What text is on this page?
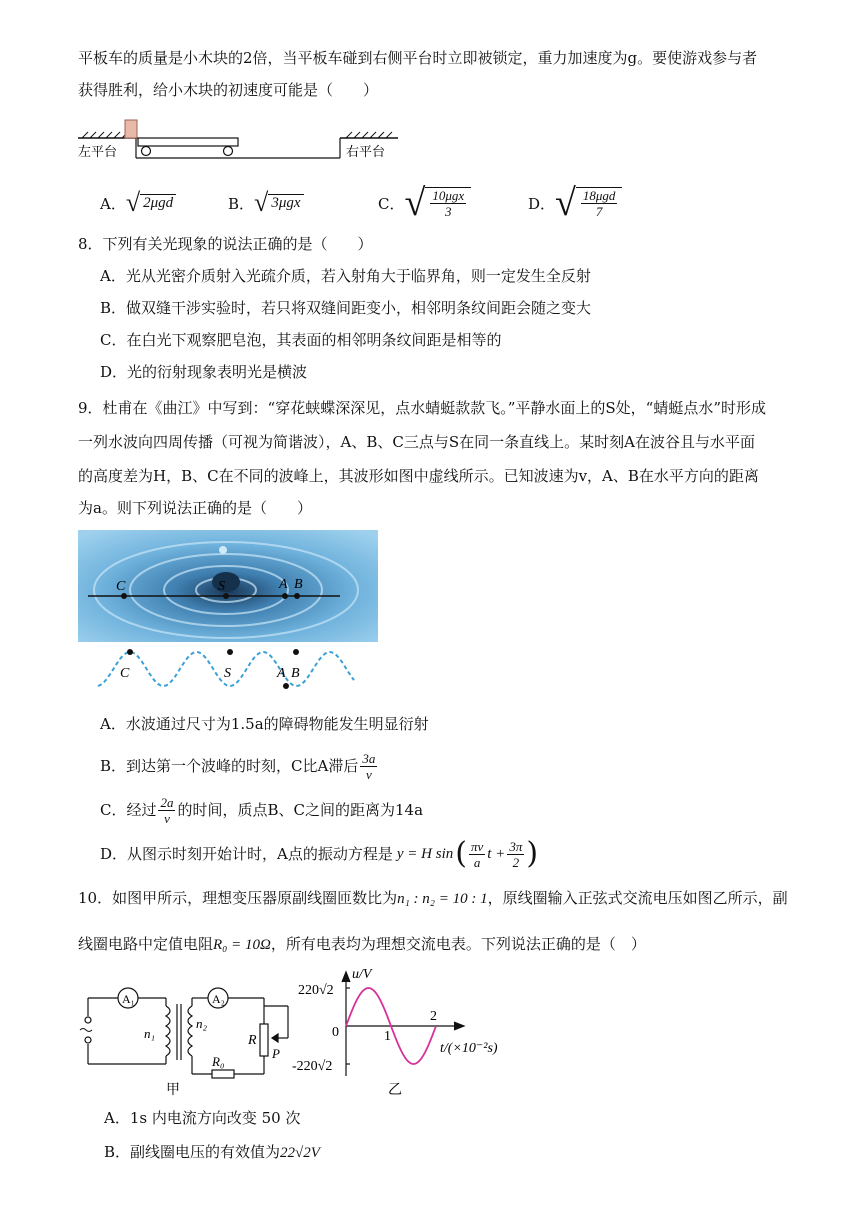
平板车的质量是小木块的2倍，当平板车碰到右侧平台时立即被锁定，重力加速度为g。要使游戏参与者
获得胜利，给小木块的初速度可能是（　　）
左平台	右平台
A． √ 2μgd	B． √ 3μgx	C． √ $\frac{\text{10μgx}}{3}$	D． √ $\frac{\text{18μgd}}{7}$
8．下列有关光现象的说法正确的是（　　）
A．光从光密介质射入光疏介质，若入射角大于临界角，则一定发生全反射
B．做双缝干涉实验时，若只将双缝间距变小，相邻明条纹间距会随之变大
C．在白光下观察肥皂泡，其表面的相邻明条纹间距是相等的
D．光的衍射现象表明光是横波
9．杜甫在《曲江》中写到：“穿花蛱蝶深深见，点水蜻蜓款款飞。”平静水面上的S处，“蜻蜓点水”时形成
一列水波向四周传播（可视为简谐波），A、B、C三点与S在同一条直线上。某时刻A在波谷且与水平面
的高度差为H，B、C在不同的波峰上，其波形如图中虚线所示。已知波速为v，A、B在水平方向的距离
为a。则下列说法正确的是（　　）
C	S	A B
C	S	A B
A．水波通过尺寸为1.5a的障碍物能发生明显衍射
B．到达第一个波峰的时刻，C比A滞后 $\frac{3a}{v}$
C．经过 $\frac{2a}{v}$ 的时间，质点B、C之间的距离为14a
D．从图示时刻开始计时，A点的振动方程是 y = H sin ( $\frac{\pi v}{a}$ $t + \frac{3\pi}{2}$ )
10．如图甲所示，理想变压器原副线圈匝数比为n₁ : n₂ = 10 : 1，原线圈输入正弦式交流电压如图乙所示，副
线圈电路中定值电阻R₀ = 10Ω，所有电表均为理想交流电表。下列说法正确的是（　）
A₁	A₂
n₁
n₂
R
P
R₀
甲
u/V
220√2
0
-220√2
1
2
t/(×10⁻²s)
乙
A．1s 内电流方向改变 50 次
B．副线圈电压的有效值为22√2V
